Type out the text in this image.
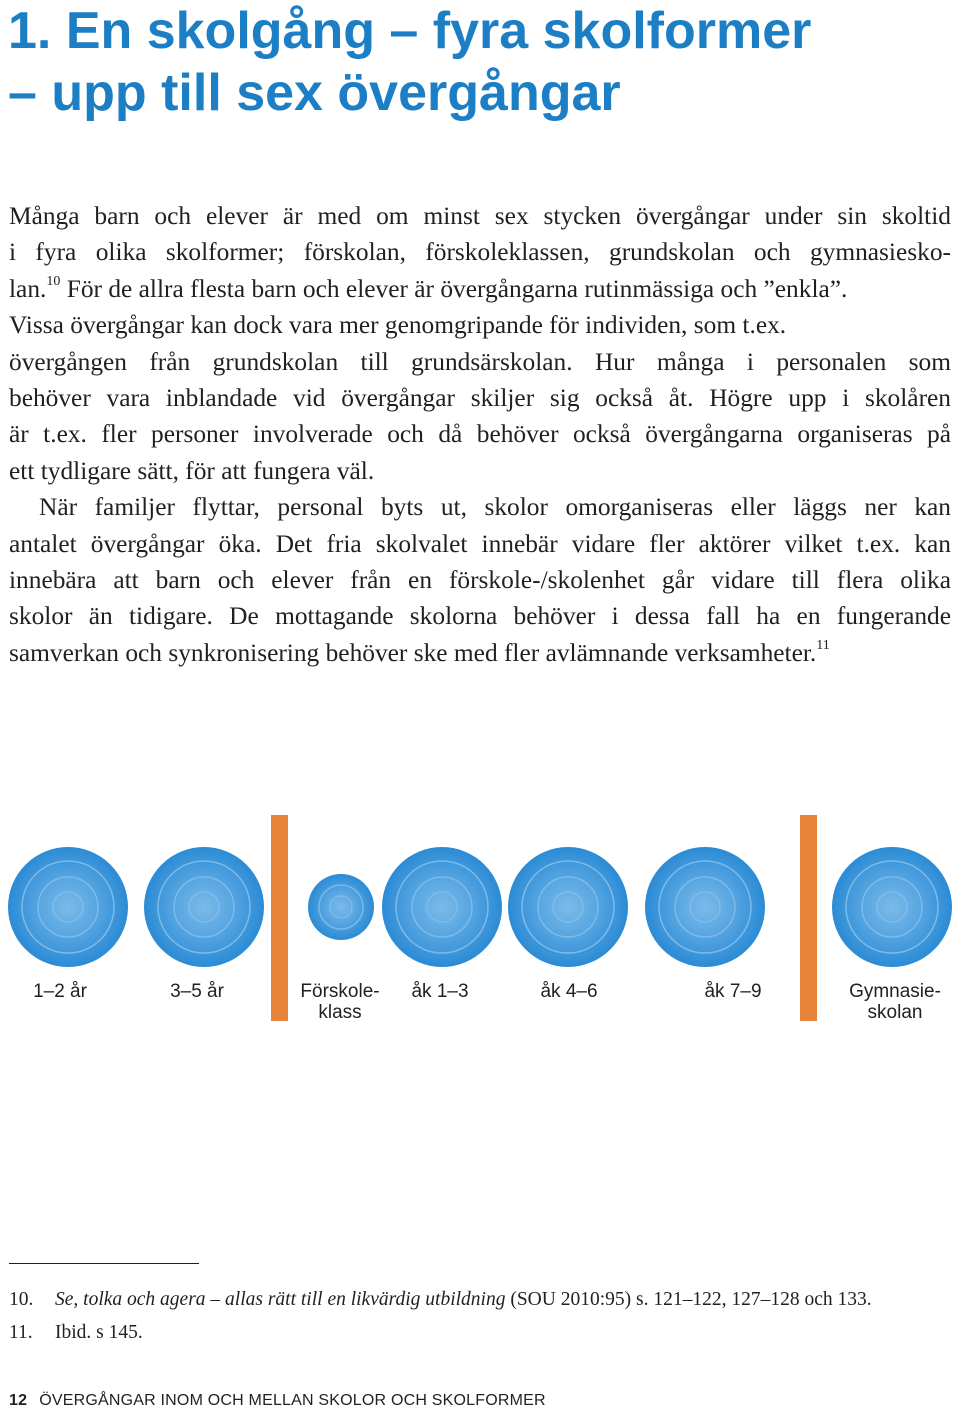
1. En skolgång – fyra skolformer
– upp till sex övergångar

Många barn och elever är med om minst sex stycken övergångar under sin skoltid
i fyra olika skolformer; förskolan, förskoleklassen, grundskolan och gymnasiesko-
lan.$^{10}$ För de allra flesta barn och elever är övergångarna rutinmässiga och ”enkla”.
Vissa övergångar kan dock vara mer genomgripande för individen, som t.ex.
övergången från grundskolan till grundsärskolan. Hur många i personalen som
behöver vara inblandade vid övergångar skiljer sig också åt. Högre upp i skolåren
är t.ex. fler personer involverade och då behöver också övergångarna organiseras på
ett tydligare sätt, för att fungera väl.

När familjer flyttar, personal byts ut, skolor omorganiseras eller läggs ner kan
antalet övergångar öka. Det fria skolvalet innebär vidare fler aktörer vilket t.ex. kan
innebära att barn och elever från en förskole-/skolenhet går vidare till flera olika
skolor än tidigare. De mottagande skolorna behöver i dessa fall ha en fungerande
samverkan och synkronisering behöver ske med fler avlämnande verksamheter.$^{11}$

1–2 år	3–5 år	Förskole-
klass
åk 1–3	åk 4–6	åk 7–9	Gymnasie-
skolan
10.	Se, tolka och agera – allas rätt till en likvärdig utbildning (SOU 2010:95) s. 121–122, 127–128 och 133.
11.	Ibid. s 145.
12 ÖVERGÅNGAR INOM OCH MELLAN SKOLOR OCH SKOLFORMER
